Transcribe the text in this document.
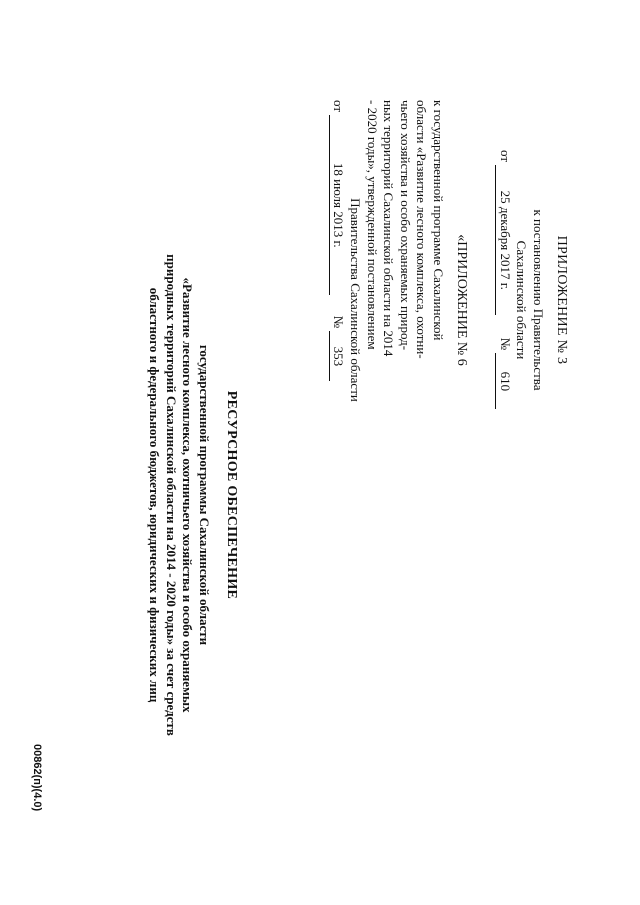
ПРИЛОЖЕНИЕ № 3
к постановлению Правительства
Сахалинской области
от 25 декабря 2017 г.  № 610
«ПРИЛОЖЕНИЕ № 6
к государственной программе Сахалинской
области «Развитие лесного комплекса, охотни-
чьего хозяйства и особо охраняемых природ-
ных территорий Сахалинской области на 2014
- 2020 годы», утвержденной постановлением
Правительства Сахалинской области
от 18 июля 2013 г.  № 353
РЕСУРСНОЕ ОБЕСПЕЧЕНИЕ
государственной программы Сахалинской области
«Развитие лесного комплекса, охотничьего хозяйства и особо охраняемых
природных территорий Сахалинской области на 2014 - 2020 годы» за счет средств
областного и федерального бюджетов, юридических и физических лиц
00862(п)(4.0)
